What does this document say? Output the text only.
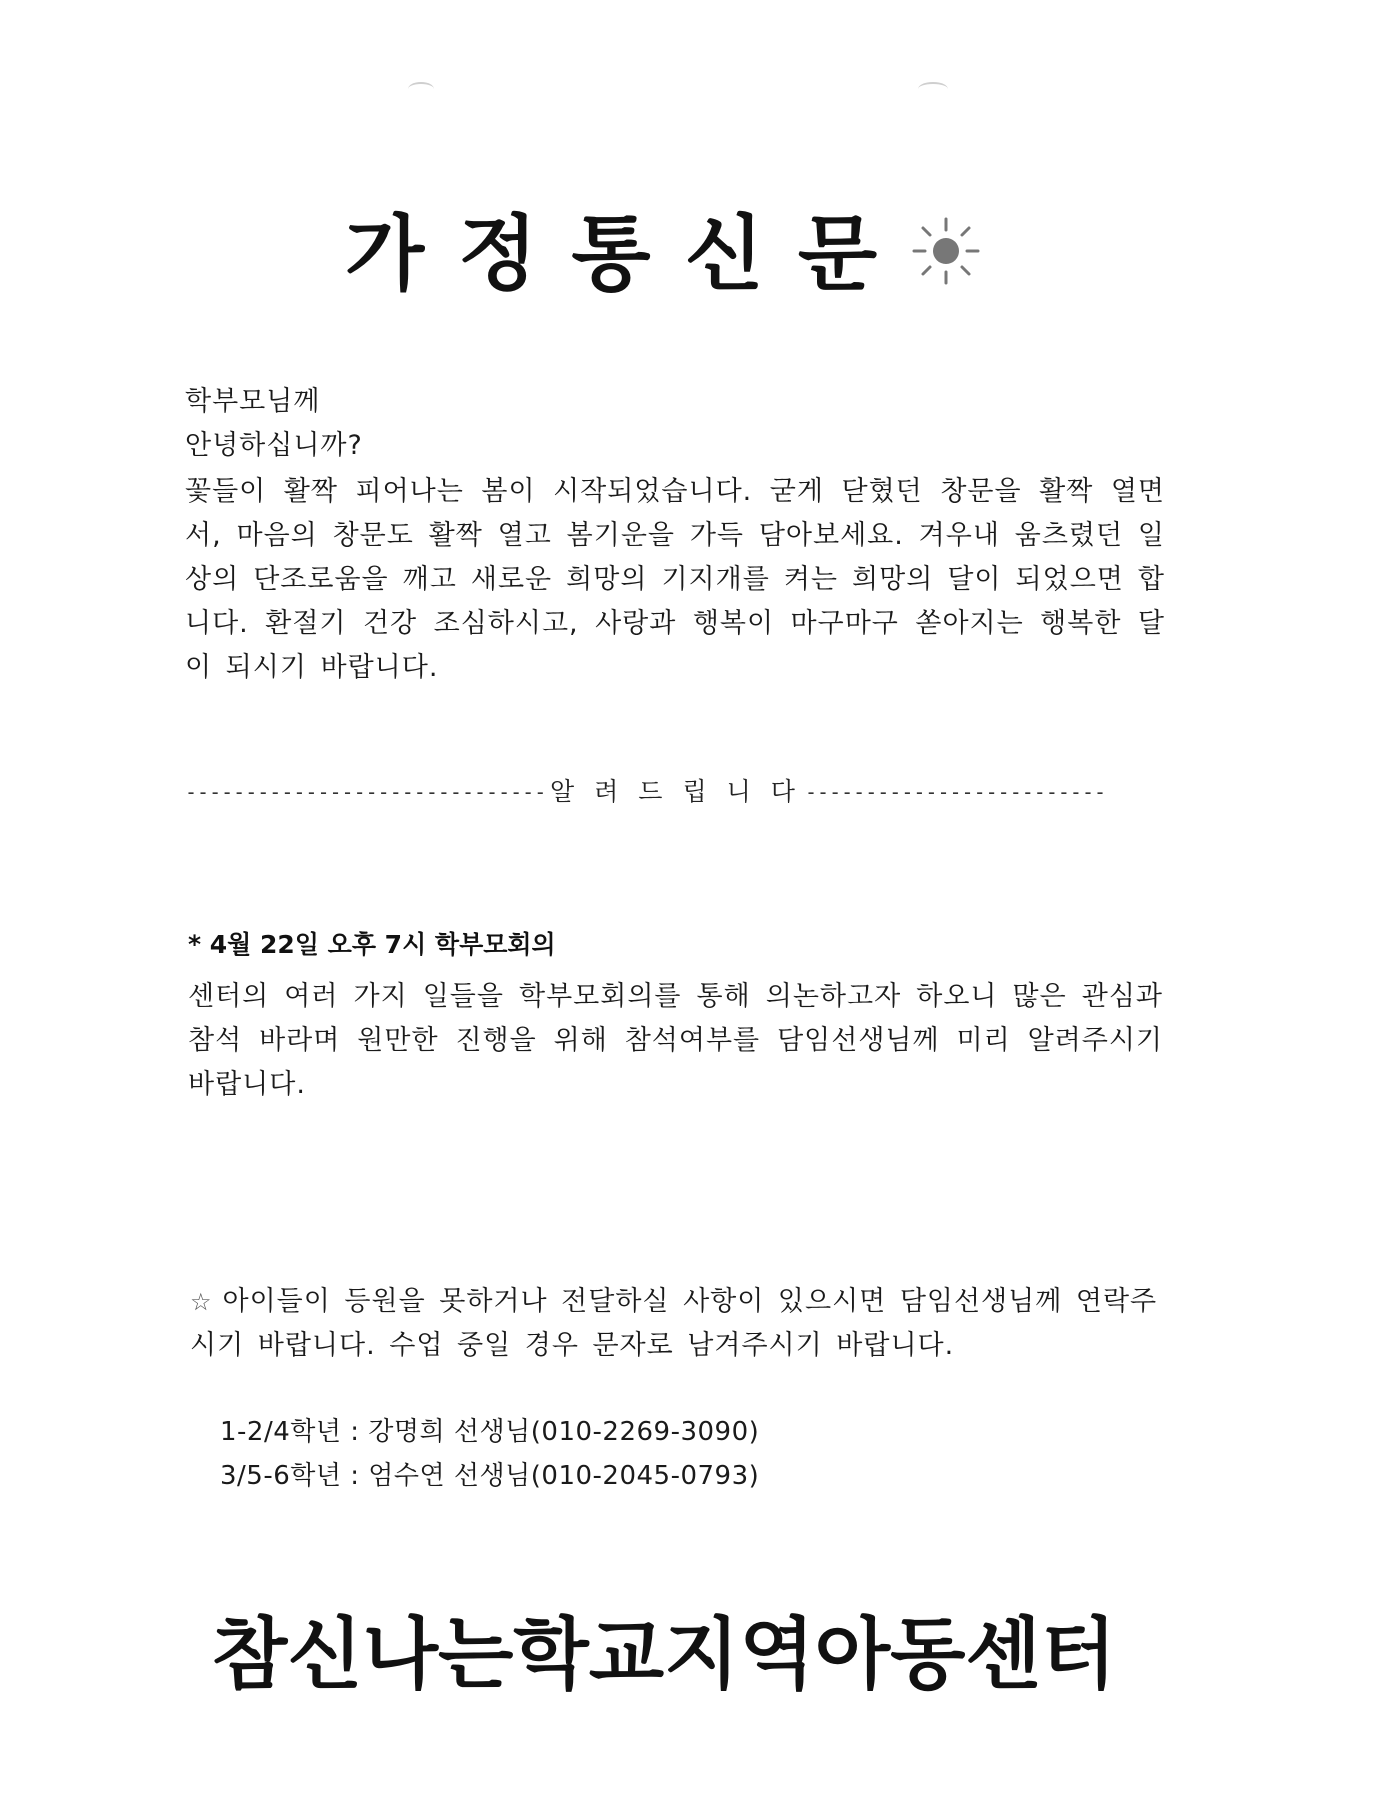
가정통신문
학부모님께
안녕하십니까?

꽃들이 활짝 피어나는 봄이 시작되었습니다. 굳게 닫혔던 창문을 활짝 열면서, 마음의 창문도 활짝 열고 봄기운을 가득 담아보세요. 겨우내 움츠렸던 일상의 단조로움을 깨고 새로운 희망의 기지개를 켜는 희망의 달이 되었으면 합니다. 환절기 건강 조심하시고, 사랑과 행복이 마구마구 쏟아지는 행복한 달이 되시기 바랍니다.

------------------------------ 알려드립니다
-------------------------
* 4월 22일 오후 7시 학부모회의
센터의 여러 가지 일들을 학부모회의를 통해 의논하고자 하오니 많은 관심과 참석 바라며 원만한 진행을 위해 참석여부를 담임선생님께 미리 알려주시기 바랍니다.
☆ 아이들이 등원을 못하거나 전달하실 사항이 있으시면 담임선생님께 연락주시기 바랍니다. 수업 중일 경우 문자로 남겨주시기 바랍니다.
1-2/4학년 : 강명희 선생님(010-2269-3090)
3/5-6학년 : 엄수연 선생님(010-2045-0793)
참신나는학교지역아동센터
